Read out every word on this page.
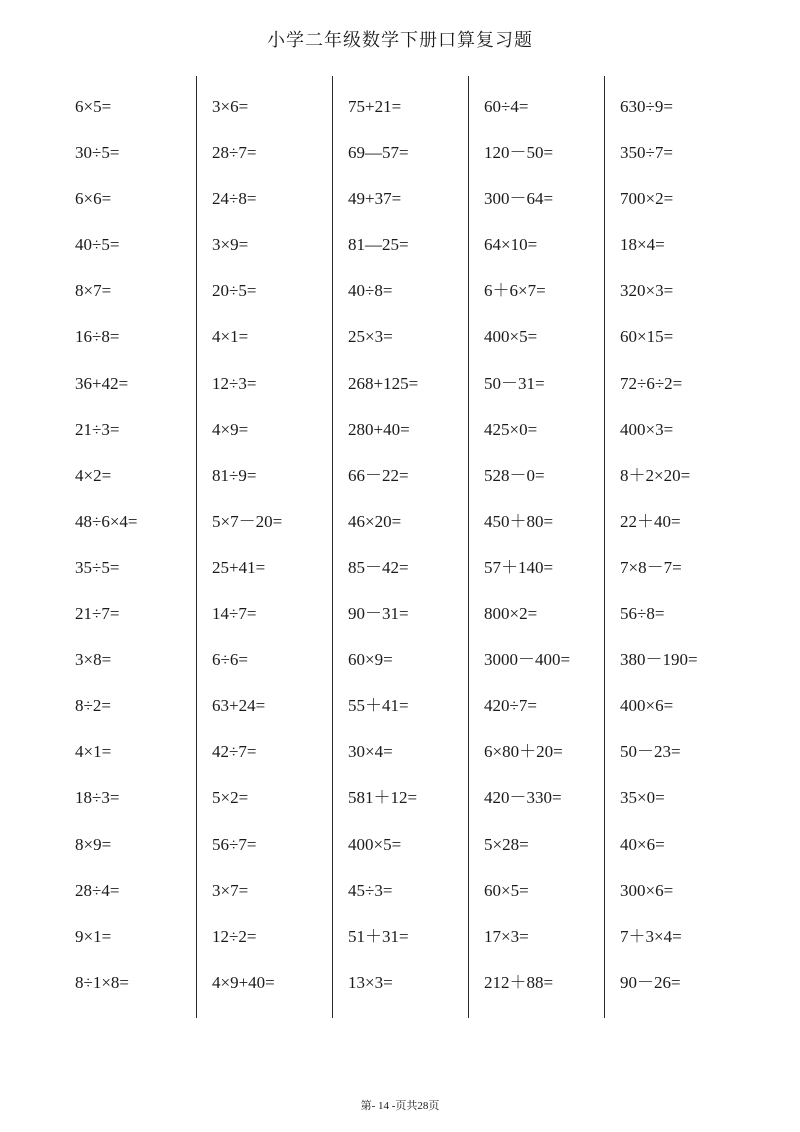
小学二年级数学下册口算复习题
6×5=
30÷5=
6×6=
40÷5=
8×7=
16÷8=
36+42=
21÷3=
4×2=
48÷6×4=
35÷5=
21÷7=
3×8=
8÷2=
4×1=
18÷3=
8×9=
28÷4=
9×1=
8÷1×8=
3×6=
28÷7=
24÷8=
3×9=
20÷5=
4×1=
12÷3=
4×9=
81÷9=
5×7－20=
25+41=
14÷7=
6÷6=
63+24=
42÷7=
5×2=
56÷7=
3×7=
12÷2=
4×9+40=
75+21=
69—57=
49+37=
81—25=
40÷8=
25×3=
268+125=
280+40=
66－22=
46×20=
85－42=
90－31=
60×9=
55＋41=
30×4=
581＋12=
400×5=
45÷3=
51＋31=
13×3=
60÷4=
120－50=
300－64=
64×10=
6＋6×7=
400×5=
50－31=
425×0=
528－0=
450＋80=
57＋140=
800×2=
3000－400=
420÷7=
6×80＋20=
420－330=
5×28=
60×5=
17×3=
212＋88=
630÷9=
350÷7=
700×2=
18×4=
320×3=
60×15=
72÷6÷2=
400×3=
8＋2×20=
22＋40=
7×8－7=
56÷8=
380－190=
400×6=
50－23=
35×0=
40×6=
300×6=
7＋3×4=
90－26=
第- 14 -页共28页
